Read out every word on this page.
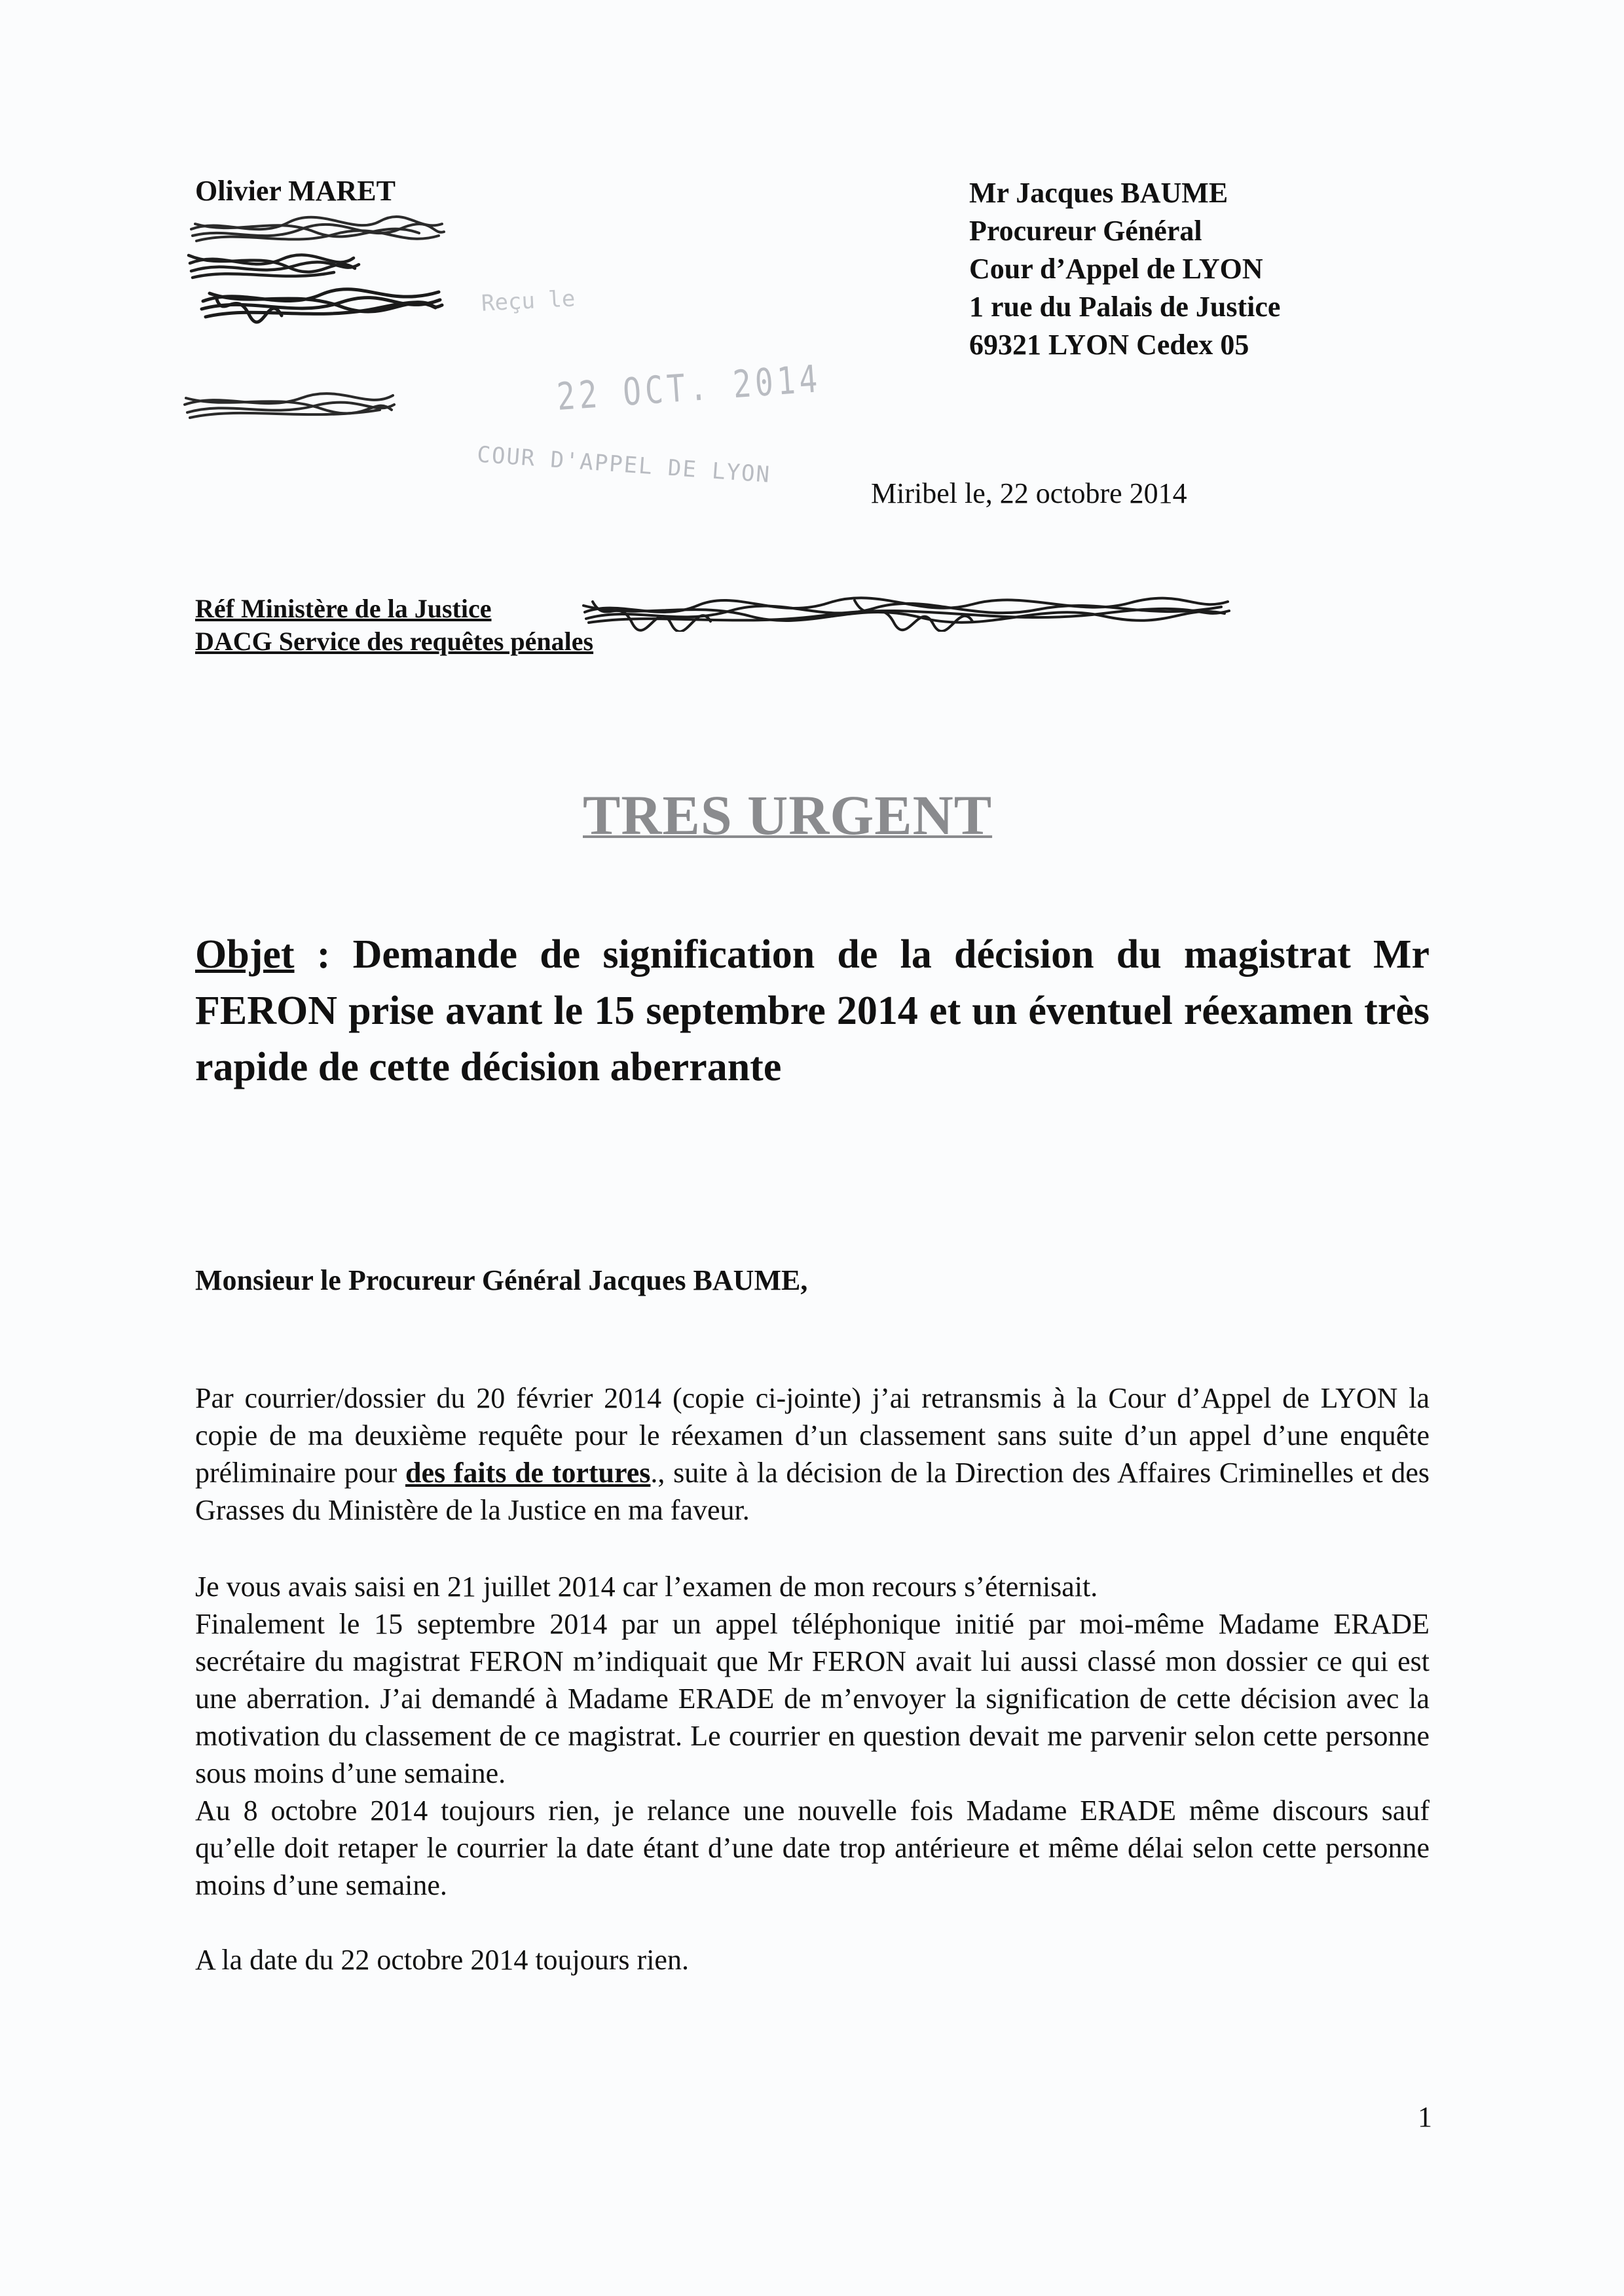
Olivier MARET
Reçu le
22 OCT. 2014
COUR D'APPEL DE LYON
Mr Jacques BAUME
Procureur Général
Cour d’Appel de LYON
1 rue du Palais de Justice
69321 LYON Cedex 05
Miribel le, 22 octobre 2014
Réf Ministère de la Justice
DACG Service des requêtes pénales
TRES URGENT
Objet : Demande de signification de la décision du magistrat Mr FERON prise avant le 15 septembre 2014 et un éventuel réexamen très rapide de cette décision aberrante
Monsieur le Procureur Général Jacques BAUME,

Par courrier/dossier du 20 février 2014 (copie ci-jointe) j’ai retransmis à la Cour d’Appel de LYON la copie de ma deuxième requête pour le réexamen d’un classement sans suite d’un appel d’une enquête préliminaire pour des faits de tortures., suite à la décision de la Direction des Affaires Criminelles et des Grasses du Ministère de la Justice en ma faveur.

Je vous avais saisi en 21 juillet 2014 car l’examen de mon recours s’éternisait.

Finalement le 15 septembre 2014 par un appel téléphonique initié par moi-même Madame ERADE secrétaire du magistrat FERON m’indiquait que Mr FERON avait lui aussi classé mon dossier ce qui est une aberration. J’ai demandé à Madame ERADE de m’envoyer la signification de cette décision avec la motivation du classement de ce magistrat. Le courrier en question devait me parvenir selon cette personne sous moins d’une semaine.

Au 8 octobre 2014 toujours rien, je relance une nouvelle fois Madame ERADE même discours sauf qu’elle doit retaper le courrier la date étant d’une date trop antérieure et même délai selon cette personne moins d’une semaine.

A la date du 22 octobre 2014 toujours rien.

1
